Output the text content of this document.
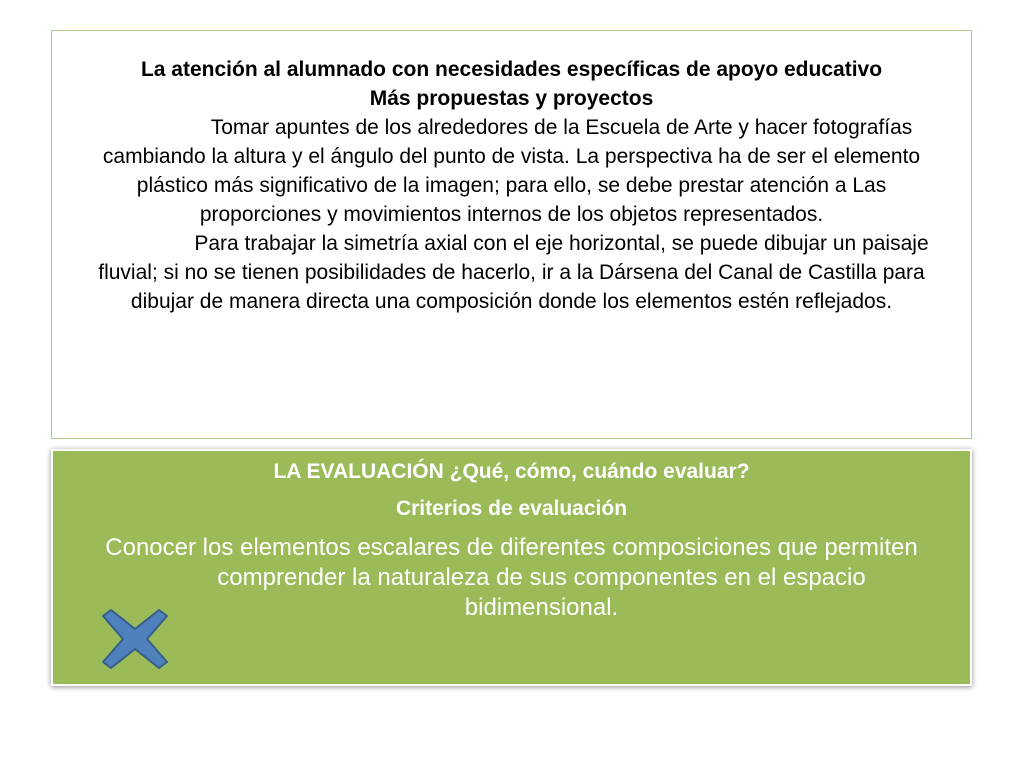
La atención al alumnado con necesidades específicas de apoyo educativo

Más propuestas y proyectos

Tomar apuntes de los alrededores de la Escuela de Arte y hacer fotografías cambiando la altura y el ángulo del punto de vista. La perspectiva ha de ser el elemento plástico más significativo de la imagen; para ello, se debe prestar atención a Las proporciones y movimientos internos de los objetos representados.

Para trabajar la simetría axial con el eje horizontal, se puede dibujar un paisaje fluvial; si no se tienen posibilidades de hacerlo, ir a la Dársena del Canal de Castilla para dibujar de manera directa una composición donde los elementos estén reflejados.

LA EVALUACIÓN ¿Qué, cómo, cuándo evaluar?

Criterios de evaluación

Conocer los elementos escalares de diferentes composiciones que permiten comprender la naturaleza de sus componentes en el espacio bidimensional.
